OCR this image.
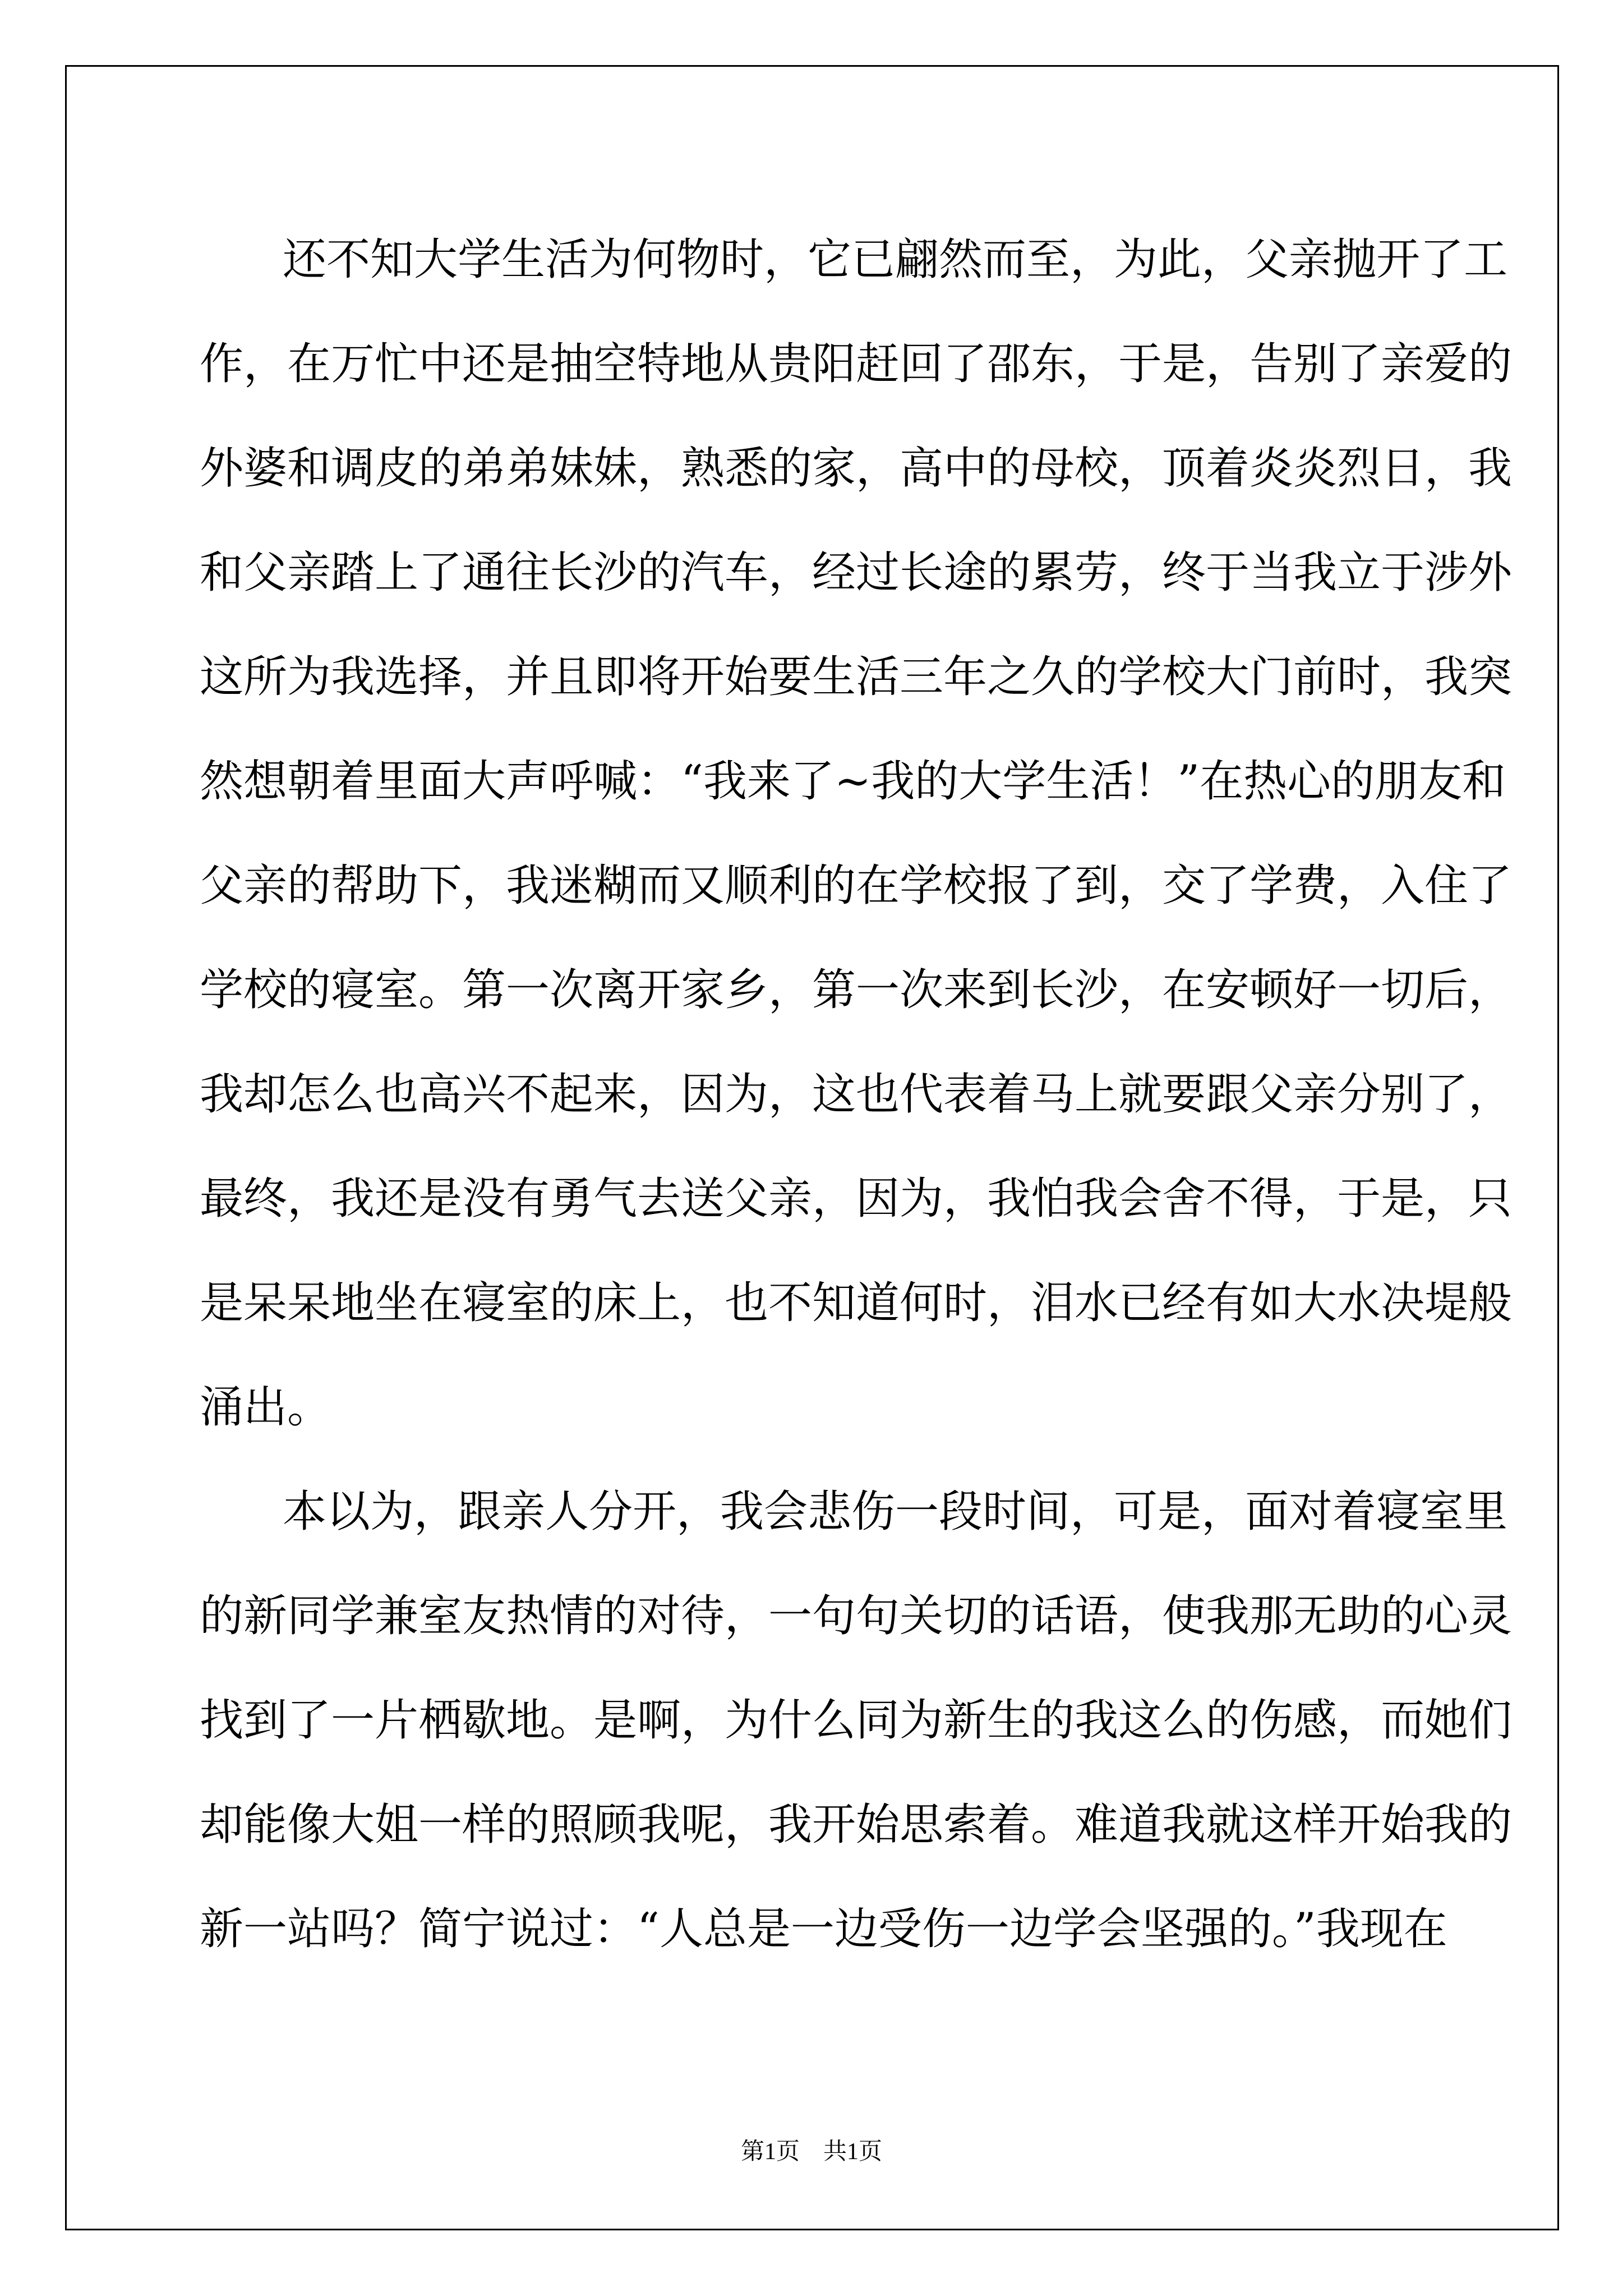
还不知大学生活为何物时，它已翩然而至，为此，父亲抛开了工
作，在万忙中还是抽空特地从贵阳赶回了邵东，于是，告别了亲爱的
外婆和调皮的弟弟妹妹，熟悉的家，高中的母校，顶着炎炎烈日，我
和父亲踏上了通往长沙的汽车，经过长途的累劳，终于当我立于涉外
这所为我选择，并且即将开始要生活三年之久的学校大门前时，我突
然想朝着里面大声呼喊：“我来了~我的大学生活！”在热心的朋友和
父亲的帮助下，我迷糊而又顺利的在学校报了到，交了学费，入住了
学校的寝室。第一次离开家乡，第一次来到长沙，在安顿好一切后，
我却怎么也高兴不起来，因为，这也代表着马上就要跟父亲分别了，
最终，我还是没有勇气去送父亲，因为，我怕我会舍不得，于是，只
是呆呆地坐在寝室的床上，也不知道何时，泪水已经有如大水决堤般
涌出。
本以为，跟亲人分开，我会悲伤一段时间，可是，面对着寝室里
的新同学兼室友热情的对待，一句句关切的话语，使我那无助的心灵
找到了一片栖歇地。是啊，为什么同为新生的我这么的伤感，而她们
却能像大姐一样的照顾我呢，我开始思索着。难道我就这样开始我的
新一站吗？简宁说过：“人总是一边受伤一边学会坚强的。”我现在
第1页　共1页
